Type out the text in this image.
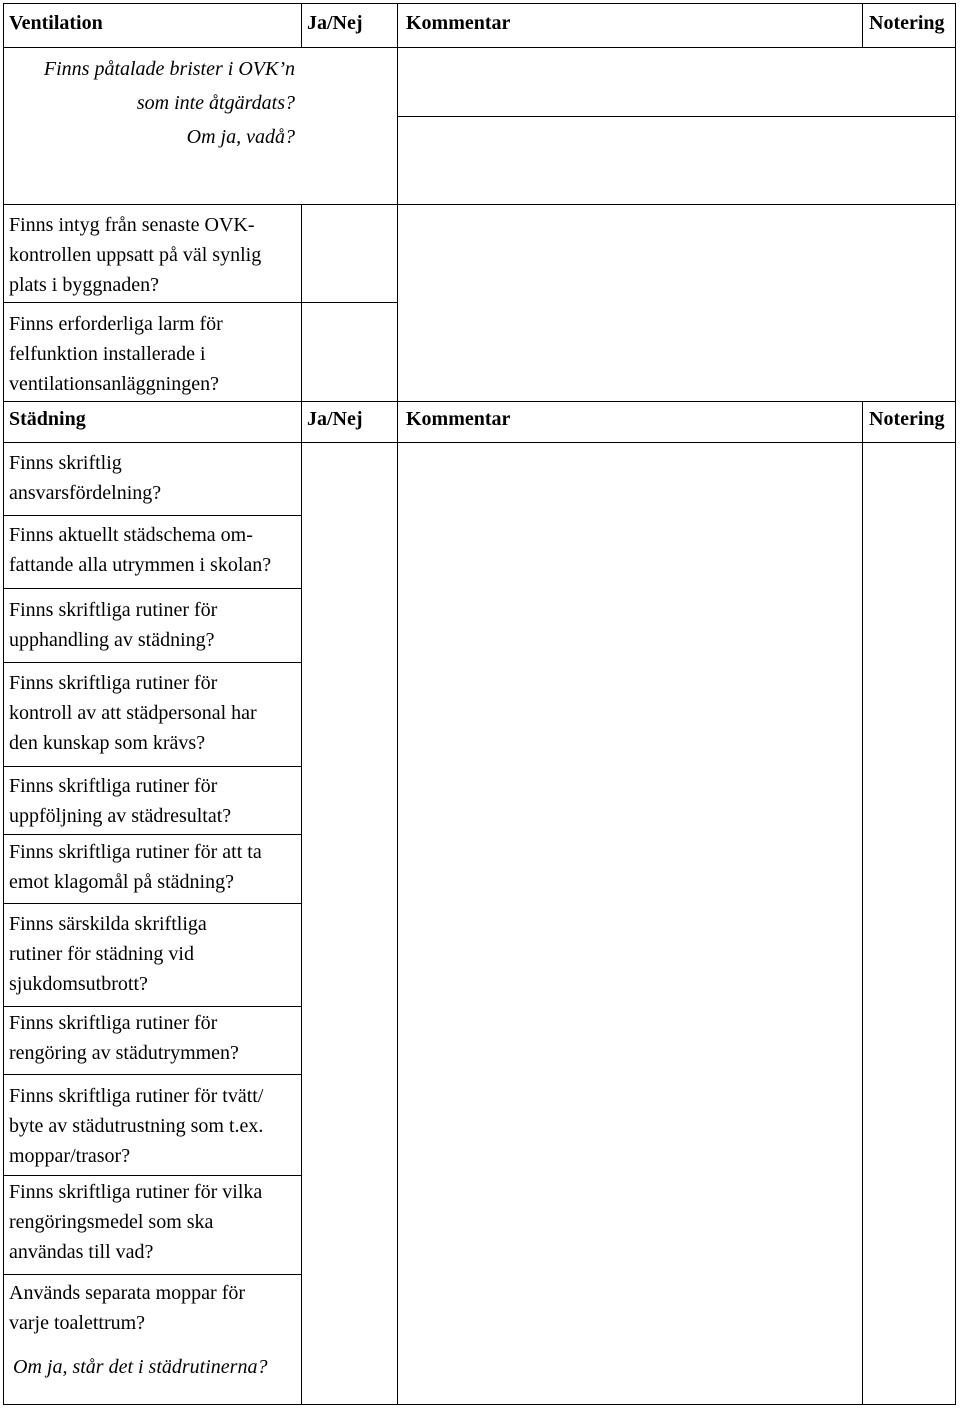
Ventilation	Ja/Nej Kommentar	Notering
Finns påtalade brister i OVK’n
som inte åtgärdats?
Om ja, vadå?
Finns intyg från senaste OVK-
kontrollen uppsatt på väl synlig
plats i byggnaden?
Finns erforderliga larm för
felfunktion installerade i
ventilationsanläggningen?
Städning	Ja/Nej Kommentar	Notering
Finns skriftlig
ansvarsfördelning?
Finns aktuellt städschema om-
fattande alla utrymmen i skolan?
Finns skriftliga rutiner för
upphandling av städning?
Finns skriftliga rutiner för
kontroll av att städpersonal har
den kunskap som krävs?
Finns skriftliga rutiner för
uppföljning av städresultat?
Finns skriftliga rutiner för att ta
emot klagomål på städning?
Finns särskilda skriftliga
rutiner för städning vid
sjukdomsutbrott?
Finns skriftliga rutiner för
rengöring av städutrymmen?
Finns skriftliga rutiner för tvätt/
byte av städutrustning som t.ex.
moppar/trasor?
Finns skriftliga rutiner för vilka
rengöringsmedel som ska
användas till vad?
Används separata moppar för
varje toalettrum?
Om ja, står det i städrutinerna?
